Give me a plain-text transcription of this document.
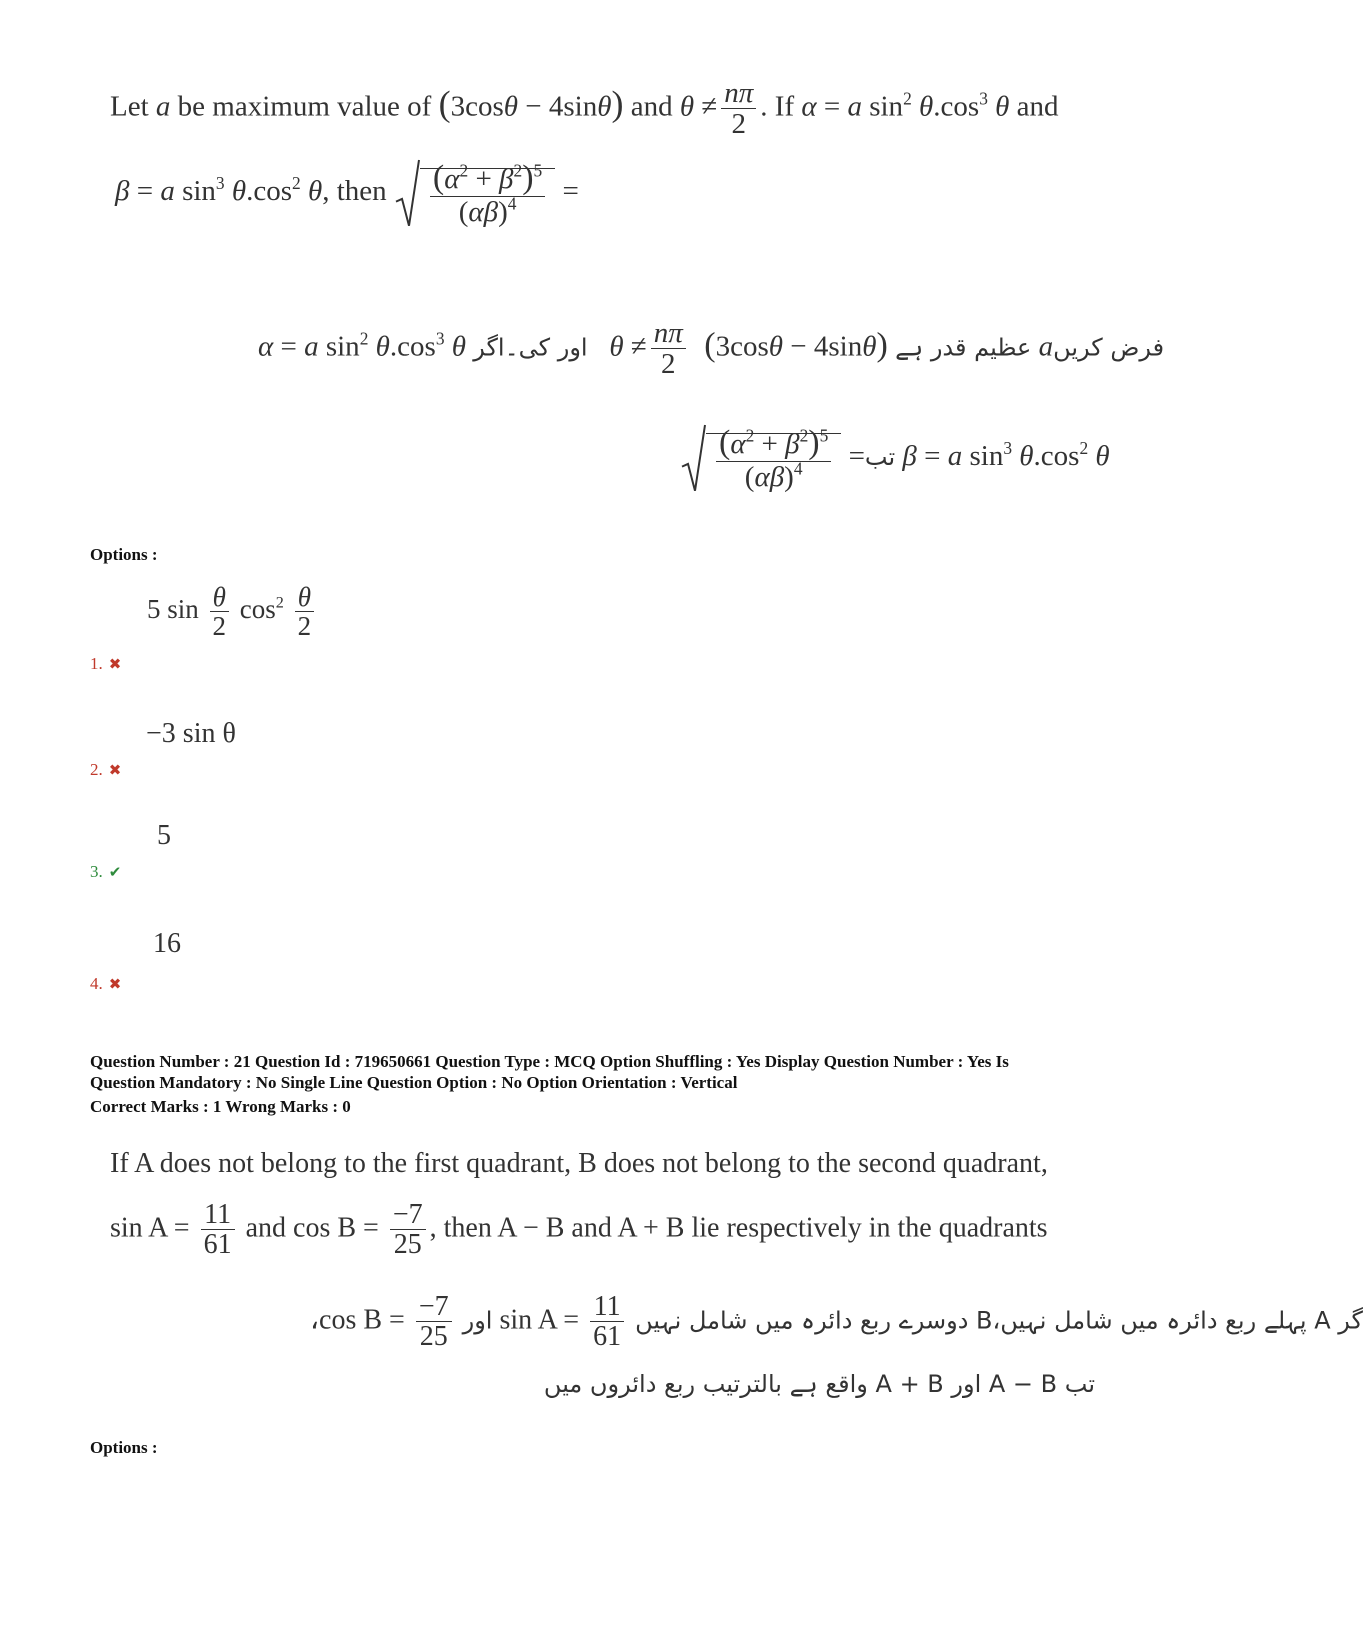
Let a be maximum value of (3cosθ − 4sinθ) and $\theta \ne \frac{n\pi}{2}$ . If α = a $\sin^2 \theta.\cos^3$ θ and
β = a $\sin^3 \theta.\cos^2$ θ, then $\frac{(\alpha^2 + \beta^2)^5}{(\alpha\beta)^4}$ =
α = a $\sin^2 \theta.\cos^3$ θ اور کی۔اگر $\theta \ne \frac{n\pi}{2} (3\cos\theta - 4\sin\theta)$ عظیم قدر ہے aفرض کریں
$\frac{(\alpha^2 + \beta^2)^5}{(\alpha\beta)^4}$ =تب β = a $\sin^3 \theta.\cos^2$ θ
Options :
5 $\sin \frac{\theta}{2} \cos^2 \frac{\theta}{2}$
1. ✖
−3 sin θ
2. ✖
5
3. ✔
16
4. ✖
Question Number : 21 Question Id : 719650661 Question Type : MCQ Option Shuffling : Yes Display Question Number : Yes Is
Question Mandatory : No Single Line Question Option : No Option Orientation : Vertical
Correct Marks : 1 Wrong Marks : 0
If A does not belong to the first quadrant, B does not belong to the second quadrant,
$\sin A = \frac{11}{61}$ and $\cos B = \frac{-7}{25}$ , then A − B and A + B lie respectively in the quadrants
،cos $B = \frac{-7}{25}$ اور $\sin A = \frac{11}{61}$ گر A پہلے ربع دائرہ میں شامل نہیں،B دوسرے ربع دائرہ میں شامل نہیں
تب A − B اور A + B واقع ہے بالترتیب ربع دائروں میں
Options :
